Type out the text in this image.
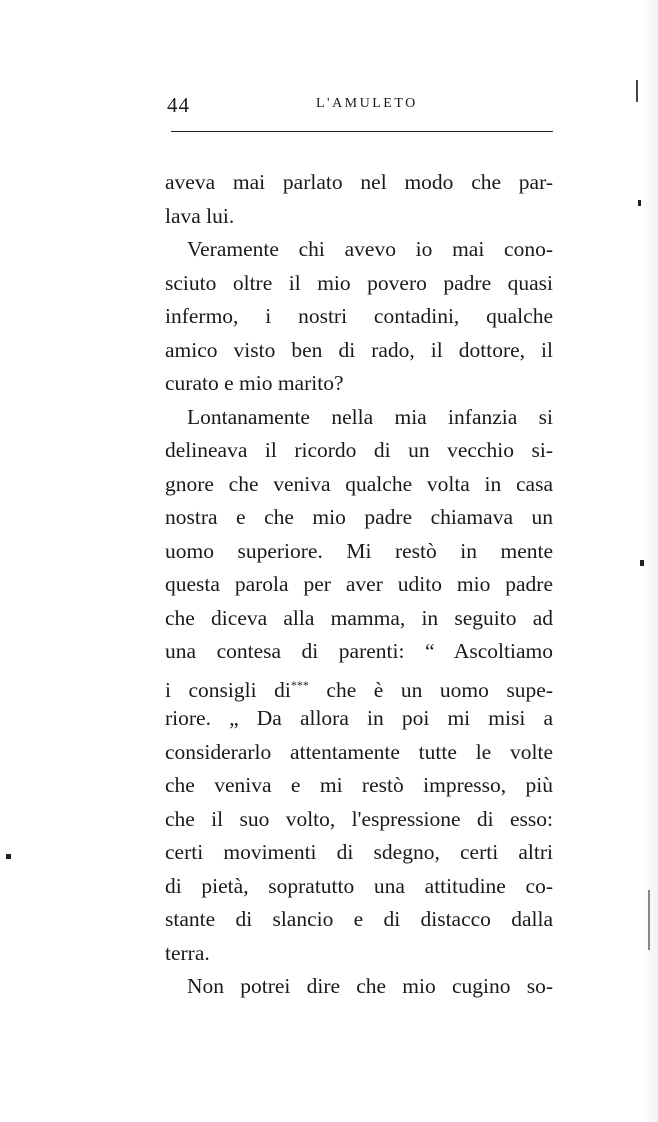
44	L'AMULETO
aveva mai parlato nel modo che par-
lava lui.
Veramente chi avevo io mai cono-
sciuto oltre il mio povero padre quasi
infermo, i nostri contadini, qualche
amico visto ben di rado, il dottore, il
curato e mio marito?
Lontanamente nella mia infanzia si
delineava il ricordo di un vecchio si-
gnore che veniva qualche volta in casa
nostra e che mio padre chiamava un
uomo superiore. Mi restò in mente
questa parola per aver udito mio padre
che diceva alla mamma, in seguito ad
una contesa di parenti: “ Ascoltiamo
i consigli di*** che è un uomo supe-
riore. „ Da allora in poi mi misi a
considerarlo attentamente tutte le volte
che veniva e mi restò impresso, più
che il suo volto, l'espressione di esso:
certi movimenti di sdegno, certi altri
di pietà, sopratutto una attitudine co-
stante di slancio e di distacco dalla
terra.
Non potrei dire che mio cugino so-
